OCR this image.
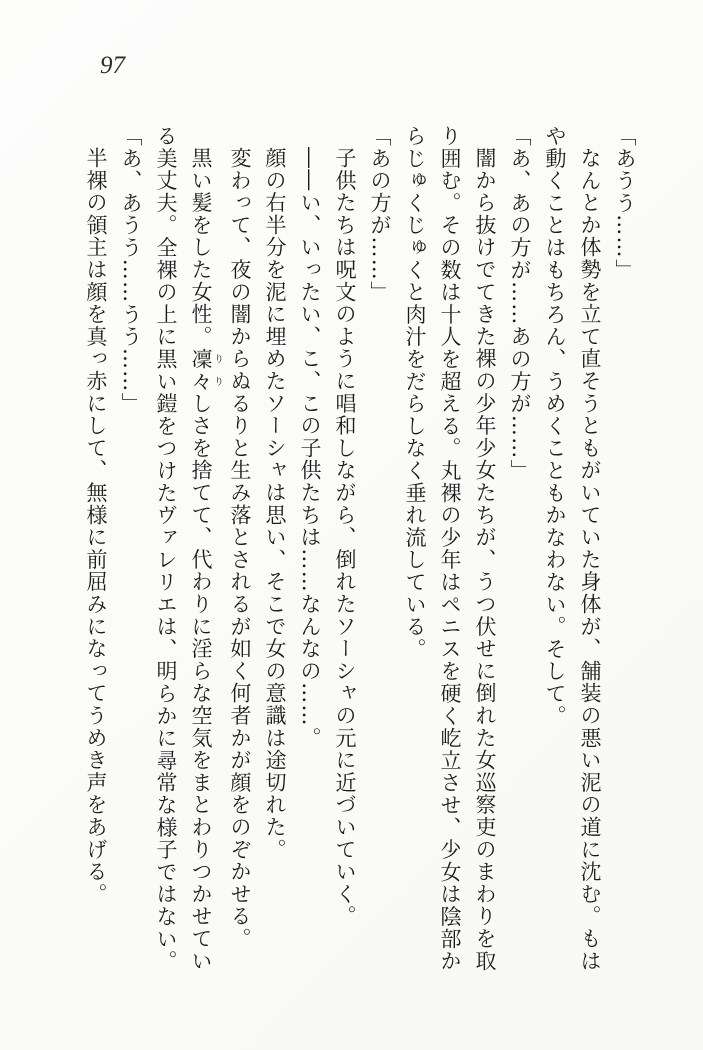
97
「あうう……」
なんとか体勢を立て直そうともがいていた身体が、舗装の悪い泥の道に沈む。もは
や動くことはもちろん、うめくこともかなわない。そして。
「あ、あの方が……あの方が……」
闇から抜けでてきた裸の少年少女たちが、うつ伏せに倒れた女巡察吏のまわりを取
り囲む。その数は十人を超える。丸裸の少年はペニスを硬く屹立させ、少女は陰部か
らじゅくじゅくと肉汁をだらしなく垂れ流している。
「あの方が……」
子供たちは呪文のように唱和しながら、倒れたソーシャの元に近づいていく。
――い、いったい、こ、この子供たちは……なんなの……。
顔の右半分を泥に埋めたソーシャは思い、そこで女の意識は途切れた。
変わって、夜の闇からぬるりと生み落とされるが如く何者かが顔をのぞかせる。
黒い髪をした女性。凜々りりしさを捨てて、代わりに淫らな空気をまとわりつかせてい
る美丈夫。全裸の上に黒い鎧をつけたヴァレリエは、明らかに尋常な様子ではない。
「あ、あうう……うう……」
半裸の領主は顔を真っ赤にして、無様に前屈みになってうめき声をあげる。
